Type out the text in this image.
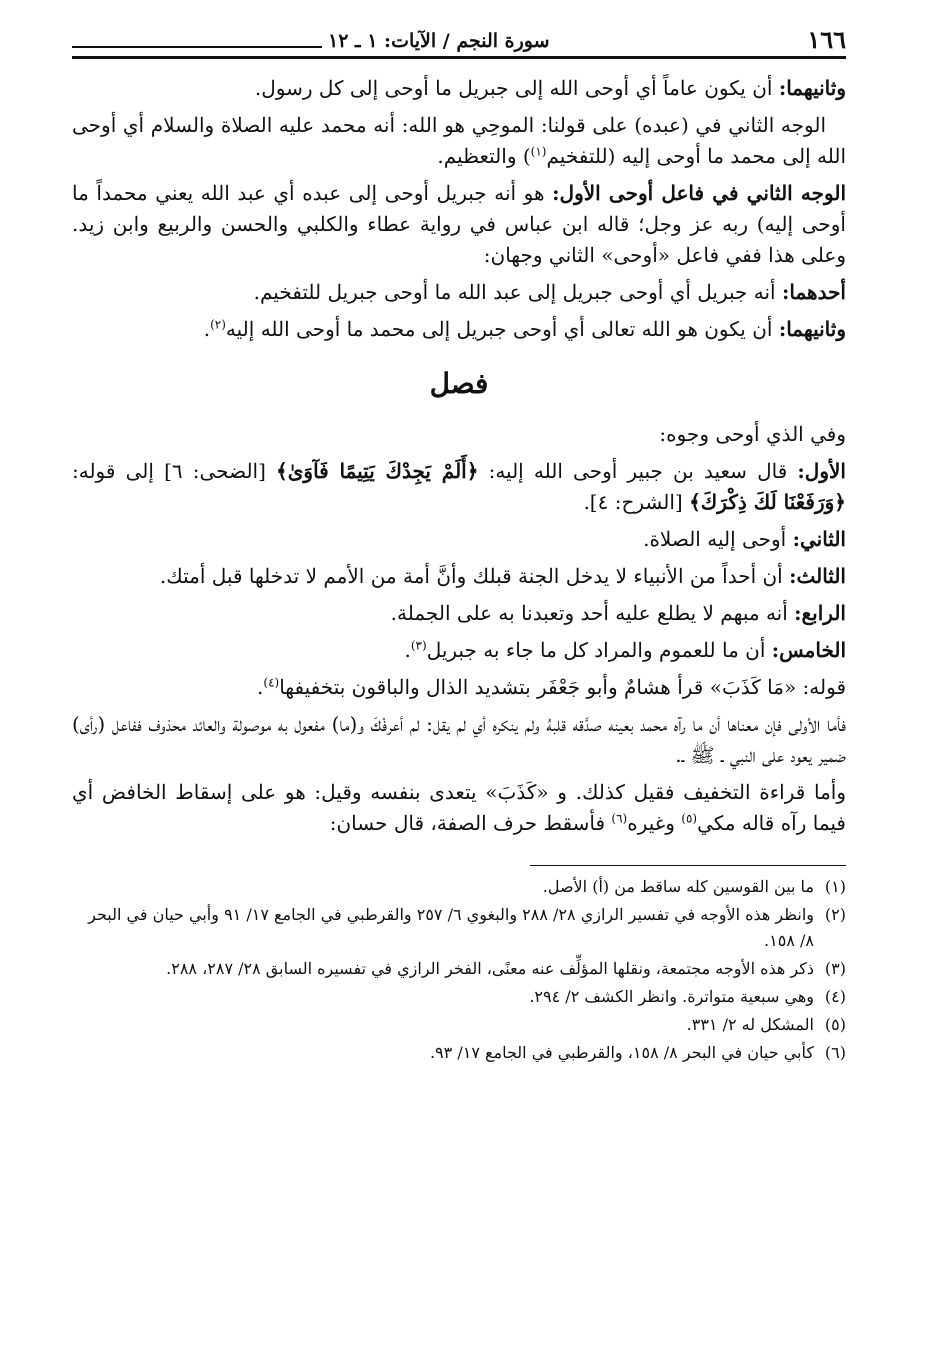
١٦٦
سورة النجم / الآيات: ١ ـ ١٢

وثانيهما: أن يكون عاماً أي أوحى الله إلى جبريل ما أوحى إلى كل رسول.

الوجه الثاني في (عبده) على قولنا: الموحِي هو الله: أنه محمد عليه الصلاة والسلام أي أوحى الله إلى محمد ما أوحى إليه (للتفخيم$^{(١)}$) والتعظيم.

الوجه الثاني في فاعل أوحى الأول: هو أنه جبريل أوحى إلى عبده أي عبد الله يعني محمداً ما أوحى إليه) ربه عز وجل؛ قاله ابن عباس في رواية عطاء والكلبي والحسن والربيع وابن زيد. وعلى هذا ففي فاعل «أوحى» الثاني وجهان:

أحدهما: أنه جبريل أي أوحى جبريل إلى عبد الله ما أوحى جبريل للتفخيم.

وثانيهما: أن يكون هو الله تعالى أي أوحى جبريل إلى محمد ما أوحى الله إليه$^{(٢)}$.

فصل

وفي الذي أوحى وجوه:

الأول: قال سعيد بن جبير أوحى الله إليه: ﴿أَلَمْ يَجِدْكَ يَتِيمًا فَآوَىٰ﴾ [الضحى: ٦] إلى قوله: ﴿وَرَفَعْنَا لَكَ ذِكْرَكَ﴾ [الشرح: ٤].

الثاني: أوحى إليه الصلاة.

الثالث: أن أحداً من الأنبياء لا يدخل الجنة قبلك وأنَّ أمة من الأمم لا تدخلها قبل أمتك.

الرابع: أنه مبهم لا يطلع عليه أحد وتعبدنا به على الجملة.

الخامس: أن ما للعموم والمراد كل ما جاء به جبريل$^{(٣)}$.

قوله: «مَا كَذَبَ» قرأ هشامٌ وأبو جَعْفَر بتشديد الذال والباقون بتخفيفها$^{(٤)}$.

فأما الأولى فإن معناها أن ما رآه محمد بعينه صدَّقه قلبهُ ولم ينكره أي لم يقل: لم أعرفْكَ و(ما) مفعول به موصولة والعائد محذوف ففاعل (رأى) ضمير يعود على النبي ـ ﷺ ـ.

وأما قراءة التخفيف فقيل كذلك. و «كَذَبَ» يتعدى بنفسه وقيل: هو على إسقاط الخافض أي فيما رآه قاله مكي$^{(٥)}$ وغيره$^{(٦)}$ فأسقط حرف الصفة، قال حسان:

(١)
ما بين القوسين كله ساقط من (أ) الأصل.
(٢)
وانظر هذه الأوجه في تفسير الرازي ٢٨/ ٢٨٨ والبغوي ٦/ ٢٥٧ والقرطبي في الجامع ١٧/ ٩١ وأبي حيان في البحر ٨/ ١٥٨.
(٣)
ذكر هذه الأوجه مجتمعة، ونقلها المؤلِّف عنه معنًى، الفخر الرازي في تفسيره السابق ٢٨/ ٢٨٧، ٢٨٨.
(٤)
وهي سبعية متواترة. وانظر الكشف ٢/ ٢٩٤.
(٥)
المشكل له ٢/ ٣٣١.
(٦)
كأبي حيان في البحر ٨/ ١٥٨، والقرطبي في الجامع ١٧/ ٩٣.
